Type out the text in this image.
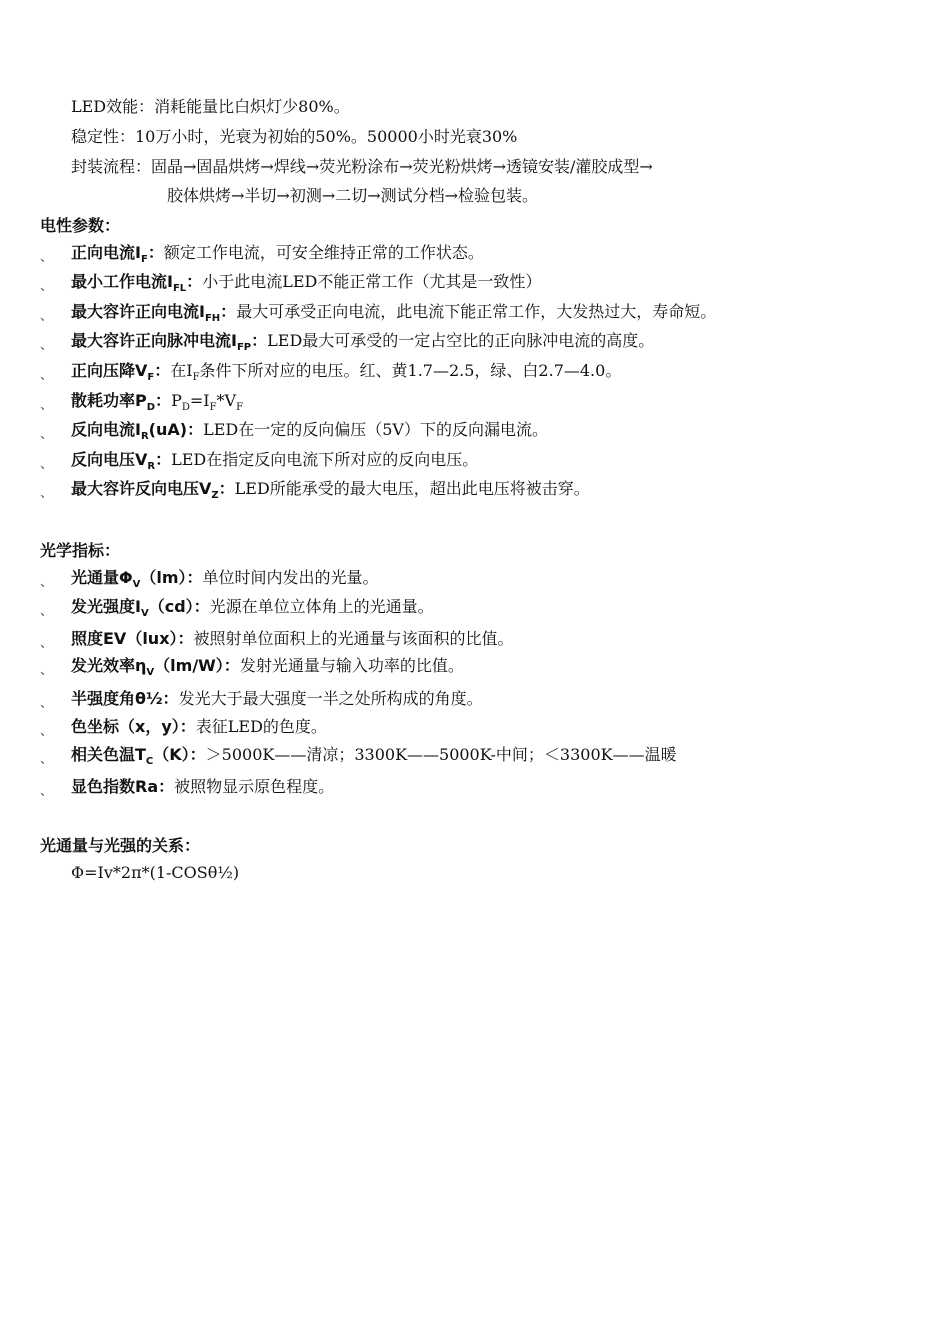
LED效能：消耗能量比白炽灯少80%。
稳定性：10万小时，光衰为初始的50%。50000小时光衰30%
封装流程：固晶→固晶烘烤→焊线→荧光粉涂布→荧光粉烘烤→透镜安装/灌胶成型→
胶体烘烤→半切→初测→二切→测试分档→检验包装。
电性参数：
、 正向电流$I_F$：额定工作电流，可安全维持正常的工作状态。
、 最小工作电流$I_{FL}$：小于此电流LED不能正常工作（尤其是一致性）
、 最大容许正向电流$I_{FH}$：最大可承受正向电流，此电流下能正常工作，大发热过大，寿命短。
、 最大容许正向脉冲电流$I_{FP}$：LED最大可承受的一定占空比的正向脉冲电流的高度。
、 正向压降$V_F$：在$I_F$条件下所对应的电压。红、黄1.7—2.5，绿、白2.7—4.0。
、 散耗功率$P_D$：$P_D=I_F*V_F$
、 反向电流$I_R(uA)$：LED在一定的反向偏压（5V）下的反向漏电流。
、 反向电压$V_R$：LED在指定反向电流下所对应的反向电压。
、 最大容许反向电压$V_Z$：LED所能承受的最大电压，超出此电压将被击穿。
光学指标：
、 光通量$\Phi_V(lm)$：单位时间内发出的光量。
、 发光强度$I_V(cd)$：光源在单位立体角上的光通量。
、 照度EV（lux）：被照射单位面积上的光通量与该面积的比值。
、 发光效率$\eta_V(lm/W)$：发射光通量与输入功率的比值。
、 半强度角θ½：发光大于最大强度一半之处所构成的角度。
、 色坐标（x，y）：表征LED的色度。
、 相关色温$T_C(K)$：＞5000K——清凉；3300K——5000K-中间；＜3300K——温暖
、 显色指数Ra：被照物显示原色程度。
光通量与光强的关系：
Φ=Iv*2π*(1-COSθ½)
